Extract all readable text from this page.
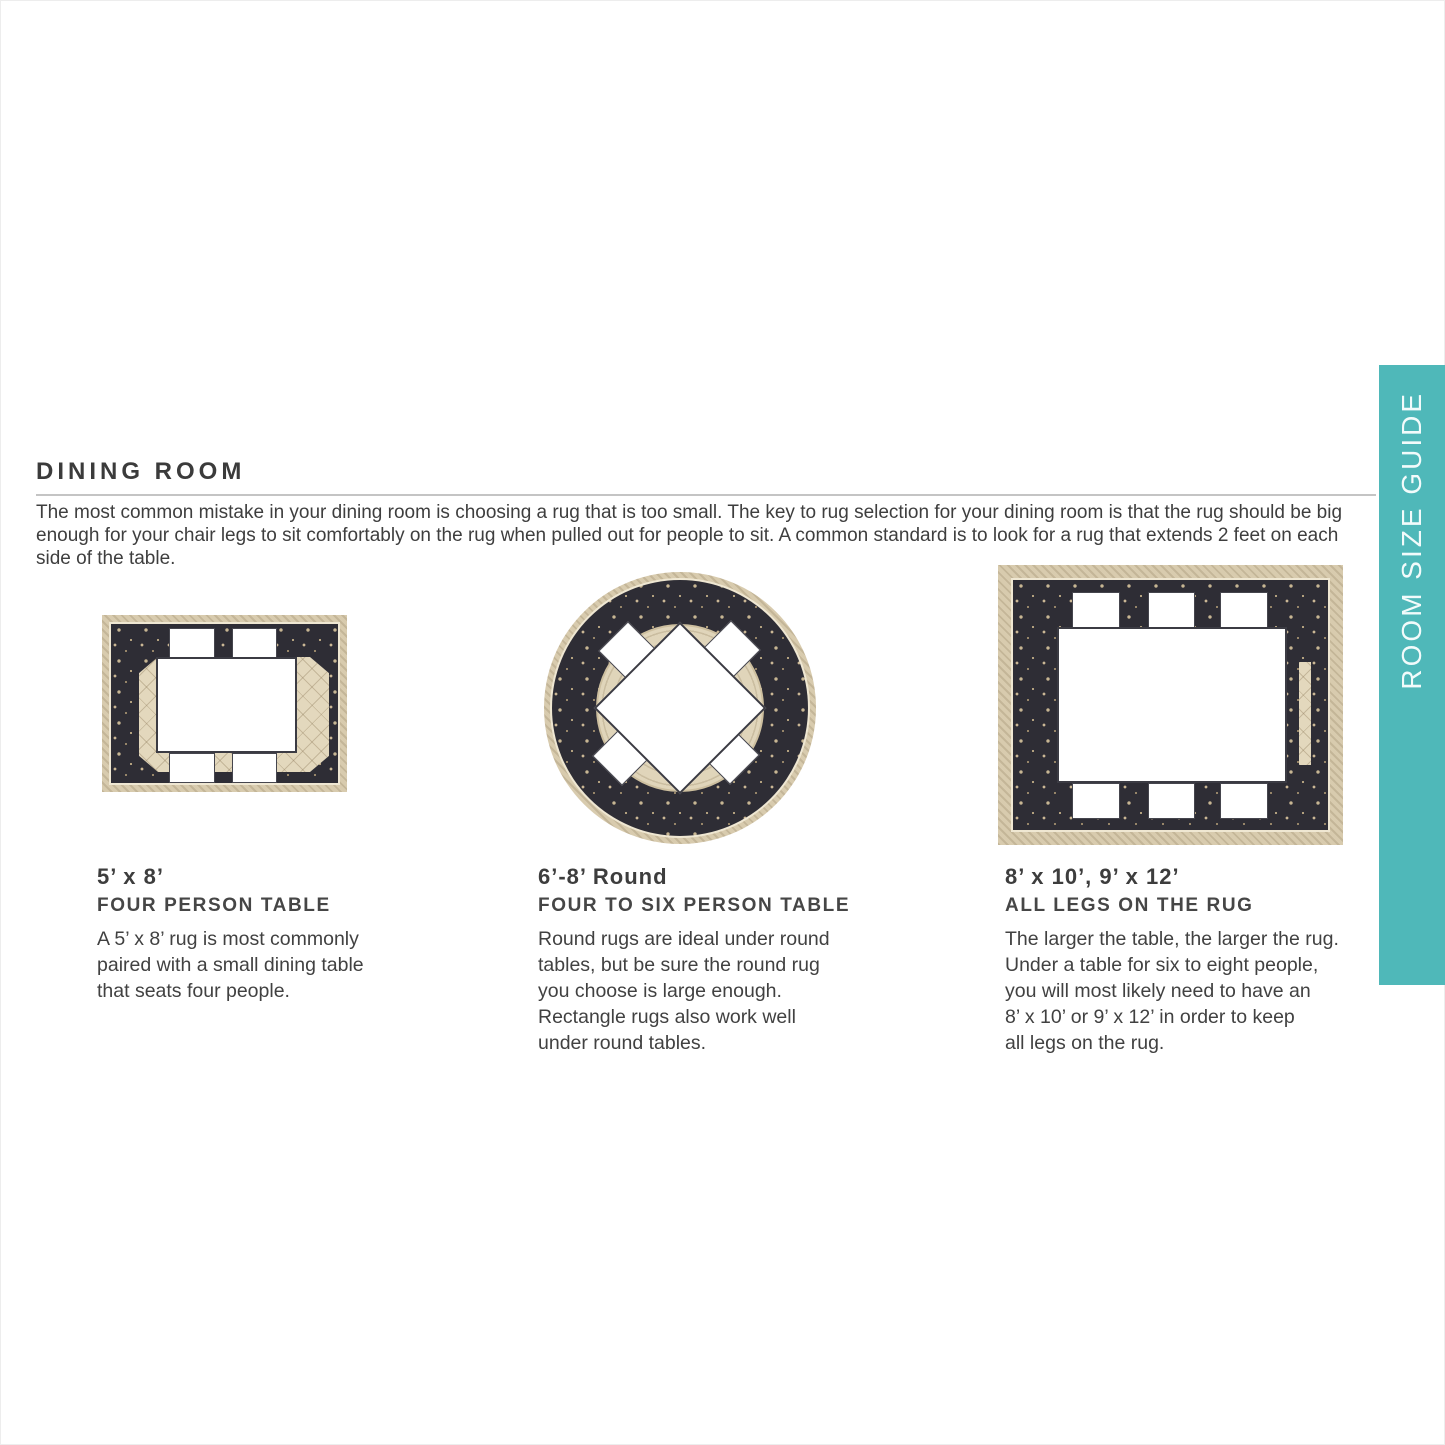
ROOM SIZE GUIDE
DINING ROOM
The most common mistake in your dining room is choosing a rug that is too small. The key to rug selection for your dining room is that the rug should be big
enough for your chair legs to sit comfortably on the rug when pulled out for people to sit. A common standard is to look for a rug that extends 2 feet on each
side of the table.
5’ x 8’
FOUR PERSON TABLE
A 5’ x 8’ rug is most commonly
paired with a small dining table
that seats four people.
6’-8’ Round
FOUR TO SIX PERSON TABLE
Round rugs are ideal under round
tables, but be sure the round rug
you choose is large enough.
Rectangle rugs also work well
under round tables.
8’ x 10’, 9’ x 12’
ALL LEGS ON THE RUG
The larger the table, the larger the rug.
Under a table for six to eight people,
you will most likely need to have an
8’ x 10’ or 9’ x 12’ in order to keep
all legs on the rug.
